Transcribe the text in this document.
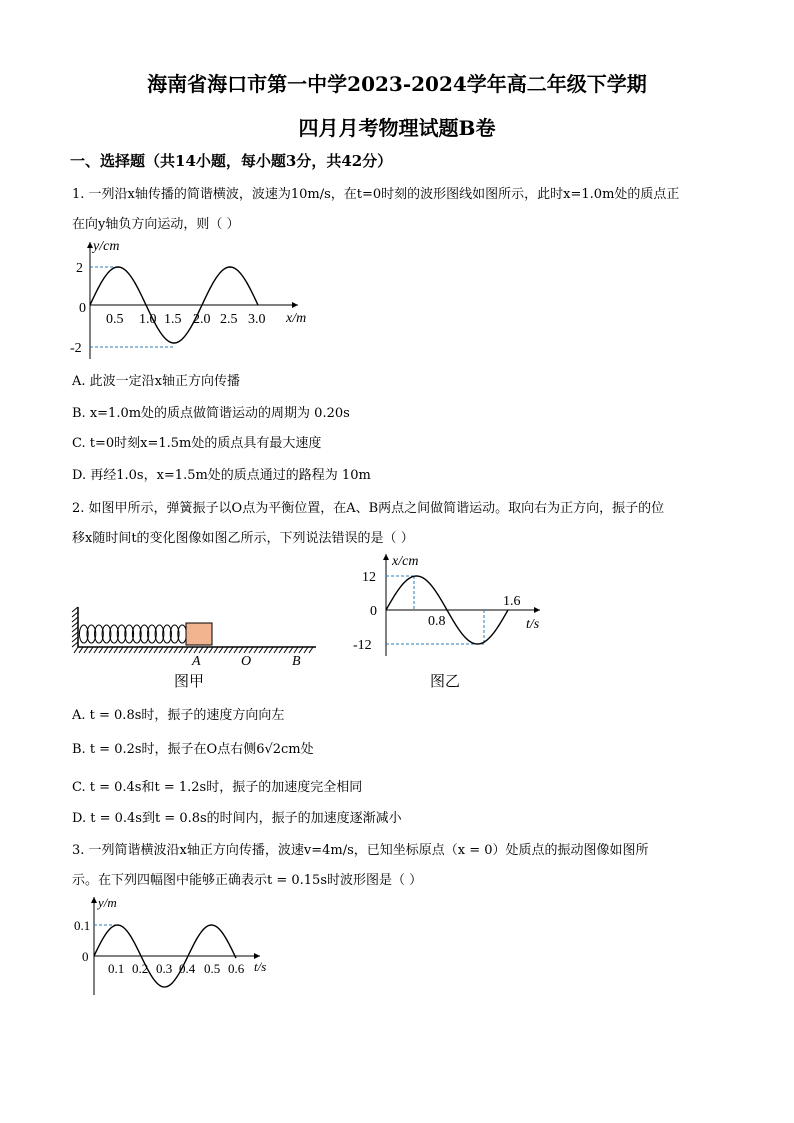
海南省海口市第一中学2023-2024学年高二年级下学期
四月月考物理试题B卷
一、选择题（共14小题，每小题3分，共42分）
1. 一列沿x轴传播的简谐横波，波速为10m/s，在t=0时刻的波形图线如图所示，此时x=1.0m处的质点正
在向y轴负方向运动，则（ ）
y/cm
x/m
2
0
-2
0.5 1.0 1.5 2.0 2.5 3.0
A. 此波一定沿x轴正方向传播
B. x=1.0m处的质点做简谐运动的周期为 0.20s
C. t=0时刻x=1.5m处的质点具有最大速度
D. 再经1.0s，x=1.5m处的质点通过的路程为 10m
2. 如图甲所示，弹簧振子以O点为平衡位置，在A、B两点之间做简谐运动。取向右为正方向，振子的位
移x随时间t的变化图像如图乙所示，下列说法错误的是（ ）
A	O	B
图甲
x/cm
t/s
12
0
-12
0.8
1.6
图乙
A. t = 0.8s时，振子的速度方向向左
B. t = 0.2s时，振子在O点右侧6√2cm处
C. t = 0.4s和t = 1.2s时，振子的加速度完全相同
D. t = 0.4s到t = 0.8s的时间内，振子的加速度逐渐减小
3. 一列简谐横波沿x轴正方向传播，波速v=4m/s，已知坐标原点（x = 0）处质点的振动图像如图所
示。在下列四幅图中能够正确表示t = 0.15s时波形图是（ ）
y/m
t/s
0.1
0
0.1 0.2 0.3 0.4 0.5 0.6
